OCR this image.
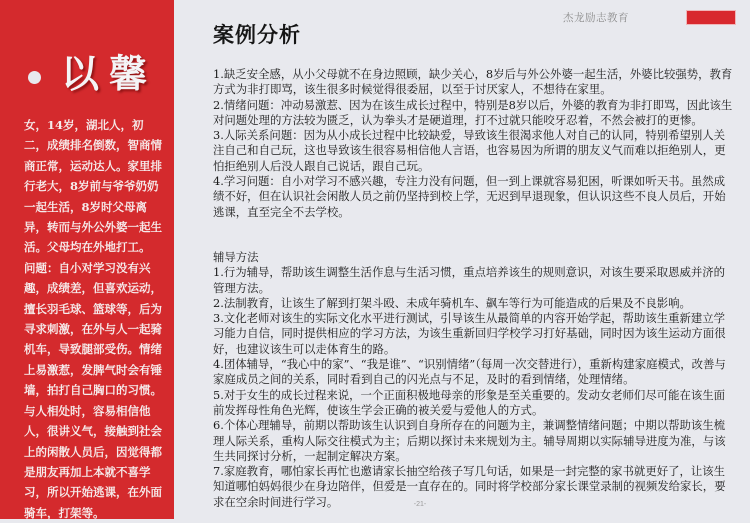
以馨

女，14岁，湖北人，初二，成绩排名倒数，智商情商正常，运动达人。家里排行老大，8岁前与爷爷奶奶一起生活，8岁时父母离异，转而与外公外婆一起生活。父母均在外地打工。

问题：自小对学习没有兴趣，成绩差，但喜欢运动，擅长羽毛球、篮球等，后为寻求刺激，在外与人一起骑机车，导致腿部受伤。情绪上易激惹，发脾气时会有锤墙，拍打自己胸口的习惯。与人相处时，容易相信他人，很讲义气，接触到社会上的闲散人员后，因觉得都是朋友再加上本就不喜学习，所以开始逃课，在外面骑车，打架等。

案例分析
杰龙励志教育

1.缺乏安全感，从小父母就不在身边照顾，缺少关心，8岁后与外公外婆一起生活，外婆比较强势，教育方式为非打即骂，该生很多时候觉得很委屈，以至于讨厌家人，不想待在家里。

2.情绪问题：冲动易激惹、因为在该生成长过程中，特别是8岁以后，外婆的教育为非打即骂，因此该生对问题处理的方法较为匮乏，认为拳头才是硬道理，打不过就只能咬牙忍着，不然会被打的更惨。

3.人际关系问题：因为从小成长过程中比较缺爱，导致该生很渴求他人对自己的认同，特别希望别人关注自己和自己玩，这也导致该生很容易相信他人言语，也容易因为所谓的朋友义气而难以拒绝别人，更怕拒绝别人后没人跟自己说话，跟自己玩。

4.学习问题：自小对学习不感兴趣，专注力没有问题，但一到上课就容易犯困，听课如听天书。虽然成绩不好，但在认识社会闲散人员之前仍坚持到校上学，无迟到早退现象，但认识这些不良人员后，开始逃课，直至完全不去学校。

辅导方法

1.行为辅导，帮助该生调整生活作息与生活习惯，重点培养该生的规则意识，对该生要采取恩威并济的管理方法。

2.法制教育，让该生了解到打架斗殴、未成年骑机车、飙车等行为可能造成的后果及不良影响。

3.文化老师对该生的实际文化水平进行测试，引导该生从最简单的内容开始学起，帮助该生重新建立学习能力自信，同时提供相应的学习方法，为该生重新回归学校学习打好基础，同时因为该生运动方面很好，也建议该生可以走体育生的路。

4.团体辅导，“我心中的家”、“我是谁”、“识别情绪”（每周一次交替进行），重新构建家庭模式，改善与家庭成员之间的关系，同时看到自己的闪光点与不足，及时的看到情绪，处理情绪。

5.对于女生的成长过程来说，一个正面积极地母亲的形象是至关重要的。发动女老师们尽可能在该生面前发挥母性角色光辉，使该生学会正确的被关爱与爱他人的方式。

6.个体心理辅导，前期以帮助该生认识到自身所存在的问题为主，兼调整情绪问题；中期以帮助该生梳理人际关系，重构人际交往模式为主；后期以探讨未来规划为主。辅导周期以实际辅导进度为准，与该生共同探讨分析，一起制定解决方案。

7.家庭教育，哪怕家长再忙也邀请家长抽空给孩子写几句话，如果是一封完整的家书就更好了，让该生知道哪怕妈妈很少在身边陪伴，但爱是一直存在的。同时将学校部分家长课堂录制的视频发给家长，要求在空余时间进行学习。	-21-
